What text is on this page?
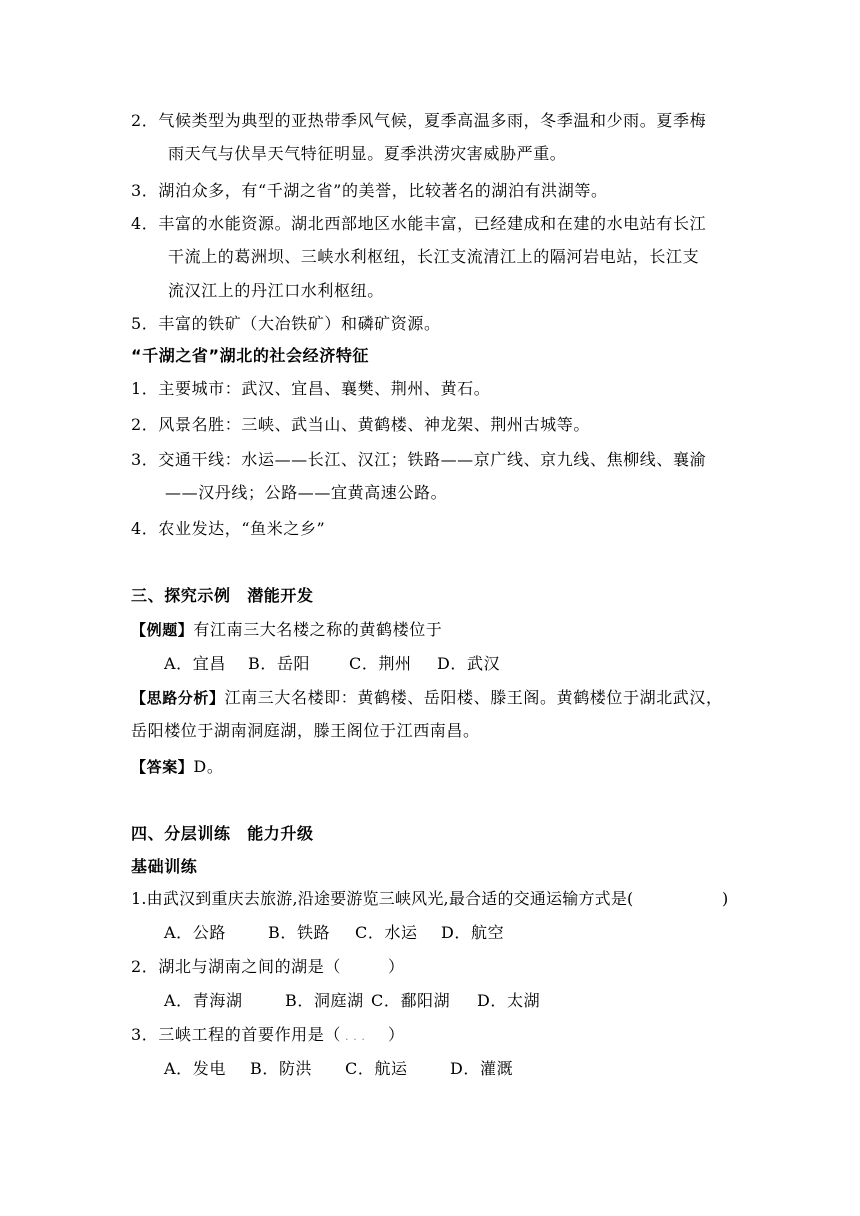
2．气候类型为典型的亚热带季风气候，夏季高温多雨，冬季温和少雨。夏季梅
雨天气与伏旱天气特征明显。夏季洪涝灾害威胁严重。
3．湖泊众多，有“千湖之省”的美誉，比较著名的湖泊有洪湖等。
4．丰富的水能资源。湖北西部地区水能丰富，已经建成和在建的水电站有长江
干流上的葛洲坝、三峡水利枢纽，长江支流清江上的隔河岩电站，长江支
流汉江上的丹江口水利枢纽。
5．丰富的铁矿（大冶铁矿）和磷矿资源。
“千湖之省”湖北的社会经济特征
1．主要城市：武汉、宜昌、襄樊、荆州、黄石。
2．风景名胜：三峡、武当山、黄鹤楼、神龙架、荆州古城等。
3．交通干线：水运——长江、汉江；铁路——京广线、京九线、焦柳线、襄渝
——汉丹线；公路——宜黄高速公路。
4．农业发达，“鱼米之乡”
三、探究示例　潜能开发
【例题】有江南三大名楼之称的黄鹤楼位于
A．宜昌 B．岳阳 C．荆州 D．武汉
【思路分析】江南三大名楼即：黄鹤楼、岳阳楼、滕王阁。黄鹤楼位于湖北武汉，
岳阳楼位于湖南洞庭湖，滕王阁位于江西南昌。
【答案】D。
四、分层训练　能力升级
基础训练
1.由武汉到重庆去旅游,沿途要游览三峡风光,最合适的交通运输方式是(	)
A．公路	B．铁路 C．水运 D．航空
2．湖北与湖南之间的湖是（	）
A．青海湖	B．洞庭湖 C．鄱阳湖 D．太湖
3．三峡工程的首要作用是（ . . . ）
A．发电 B．防洪 C．航运	D．灌溉
